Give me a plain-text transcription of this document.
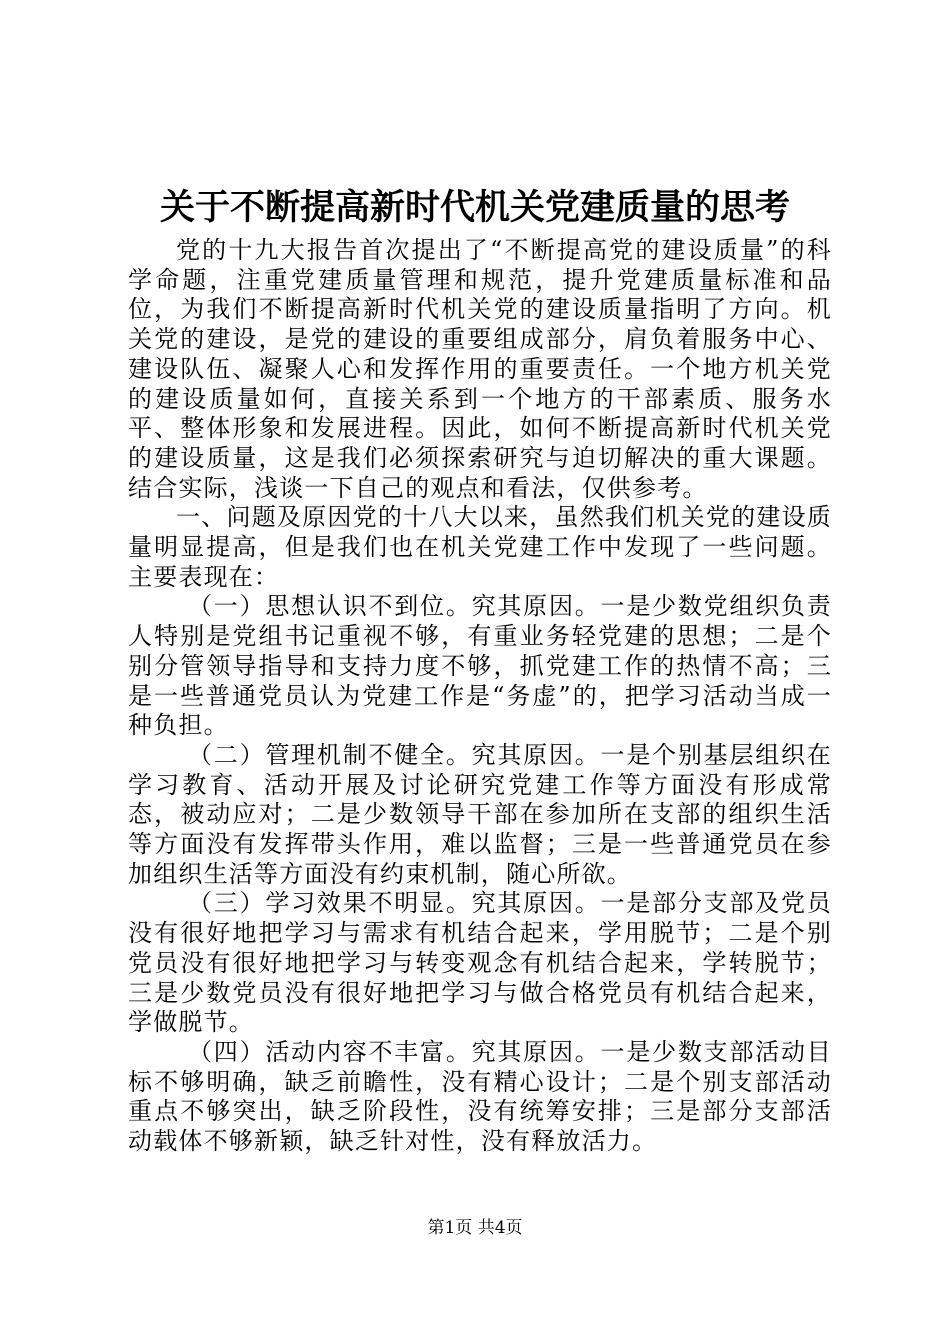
关于不断提高新时代机关党建质量的思考

党的十九大报告首次提出了“不断提高党的建设质量”的科学命题，注重党建质量管理和规范，提升党建质量标准和品位，为我们不断提高新时代机关党的建设质量指明了方向。机关党的建设，是党的建设的重要组成部分，肩负着服务中心、建设队伍、凝聚人心和发挥作用的重要责任。一个地方机关党的建设质量如何，直接关系到一个地方的干部素质、服务水平、整体形象和发展进程。因此，如何不断提高新时代机关党的建设质量，这是我们必须探索研究与迫切解决的重大课题。结合实际，浅谈一下自己的观点和看法，仅供参考。

一、问题及原因党的十八大以来，虽然我们机关党的建设质量明显提高，但是我们也在机关党建工作中发现了一些问题。主要表现在：

（一）思想认识不到位。究其原因。一是少数党组织负责人特别是党组书记重视不够，有重业务轻党建的思想；二是个别分管领导指导和支持力度不够，抓党建工作的热情不高；三是一些普通党员认为党建工作是“务虚”的，把学习活动当成一种负担。

（二）管理机制不健全。究其原因。一是个别基层组织在学习教育、活动开展及讨论研究党建工作等方面没有形成常态，被动应对；二是少数领导干部在参加所在支部的组织生活等方面没有发挥带头作用，难以监督；三是一些普通党员在参加组织生活等方面没有约束机制，随心所欲。

（三）学习效果不明显。究其原因。一是部分支部及党员没有很好地把学习与需求有机结合起来，学用脱节；二是个别党员没有很好地把学习与转变观念有机结合起来，学转脱节；三是少数党员没有很好地把学习与做合格党员有机结合起来，学做脱节。

（四）活动内容不丰富。究其原因。一是少数支部活动目标不够明确，缺乏前瞻性，没有精心设计；二是个别支部活动重点不够突出，缺乏阶段性，没有统筹安排；三是部分支部活动载体不够新颖，缺乏针对性，没有释放活力。

第1页 共4页
